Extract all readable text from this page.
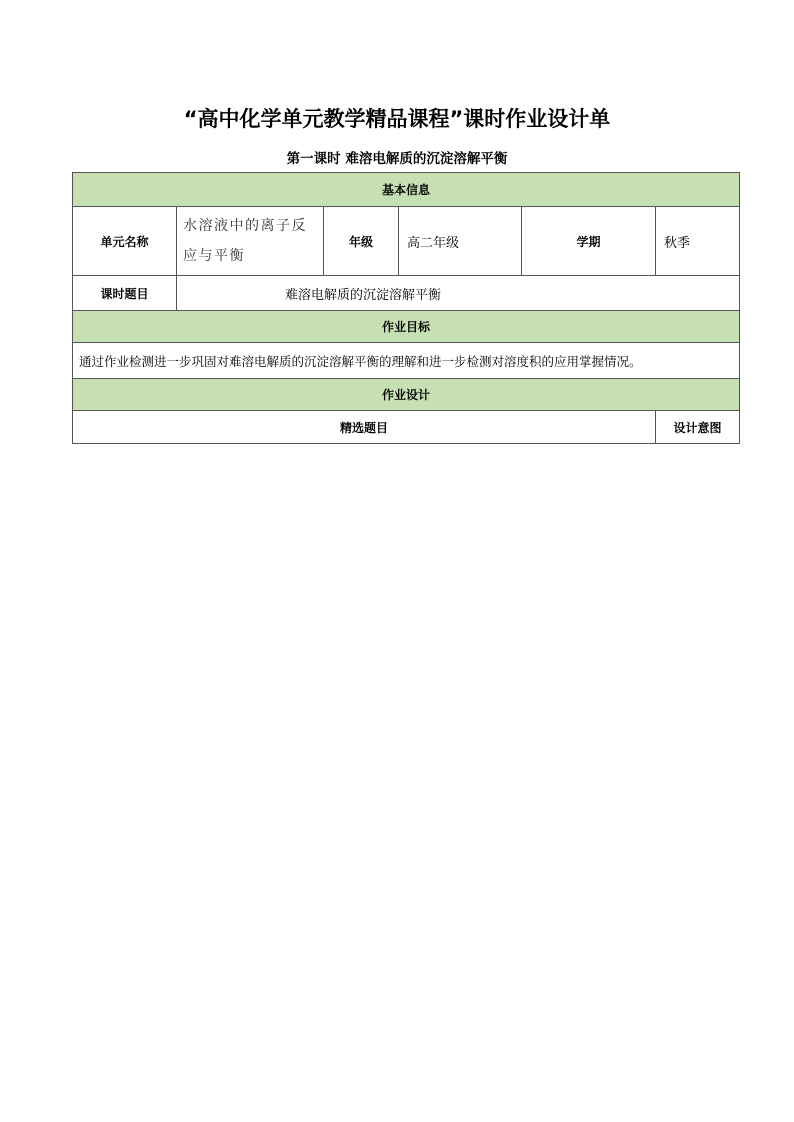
“高中化学单元教学精品课程”课时作业设计单
第一课时 难溶电解质的沉淀溶解平衡
基本信息					
单元名称	水溶液中的离子反应与平衡	年级	高二年级	学期	秋季
课时题目	难溶电解质的沉淀溶解平衡				
作业目标					
通过作业检测进一步巩固对难溶电解质的沉淀溶解平衡的理解和进一步检测对溶度积的应用掌握情况。					
作业设计					
精选题目					设计意图
